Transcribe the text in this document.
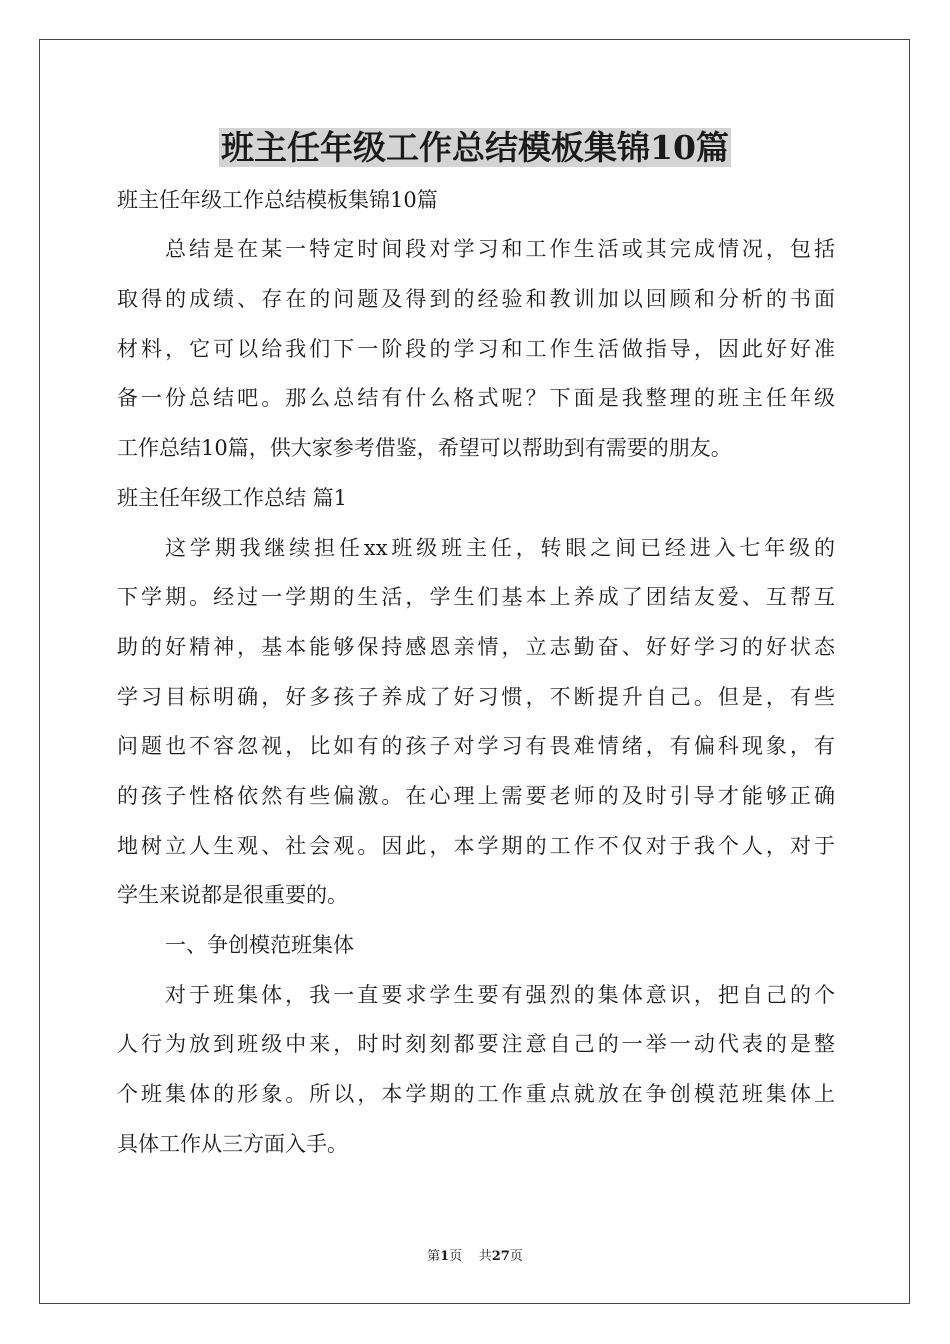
班主任年级工作总结模板集锦10篇
班主任年级工作总结模板集锦10篇
总结是在某一特定时间段对学习和工作生活或其完成情况，包括
取得的成绩、存在的问题及得到的经验和教训加以回顾和分析的书面
材料，它可以给我们下一阶段的学习和工作生活做指导，因此好好准
备一份总结吧。那么总结有什么格式呢？下面是我整理的班主任年级
工作总结10篇，供大家参考借鉴，希望可以帮助到有需要的朋友。
班主任年级工作总结 篇1
这学期我继续担任xx班级班主任，转眼之间已经进入七年级的
下学期。经过一学期的生活，学生们基本上养成了团结友爱、互帮互
助的好精神，基本能够保持感恩亲情，立志勤奋、好好学习的好状态
学习目标明确，好多孩子养成了好习惯，不断提升自己。但是，有些
问题也不容忽视，比如有的孩子对学习有畏难情绪，有偏科现象，有
的孩子性格依然有些偏激。在心理上需要老师的及时引导才能够正确
地树立人生观、社会观。因此，本学期的工作不仅对于我个人，对于
学生来说都是很重要的。
一、争创模范班集体
对于班集体，我一直要求学生要有强烈的集体意识，把自己的个
人行为放到班级中来，时时刻刻都要注意自己的一举一动代表的是整
个班集体的形象。所以，本学期的工作重点就放在争创模范班集体上
具体工作从三方面入手。
第1页    共27页
